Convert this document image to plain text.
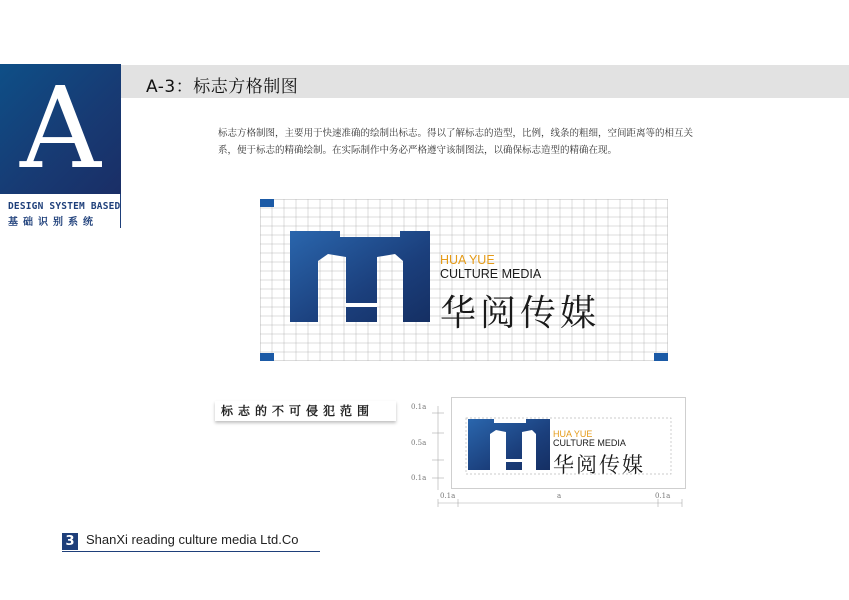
A
DESIGN SYSTEM BASED
基础识别系统
A-3：标志方格制图
标志方格制图，主要用于快速准确的绘制出标志。得以了解标志的造型，比例，线条的粗细，空间距离等的相互关系，便于标志的精确绘制。在实际制作中务必严格遵守该制图法，以确保标志造型的精确在现。
HUA YUE
CULTURE MEDIA
华阅传媒
标志的不可侵犯范围
HUA YUE
CULTURE MEDIA
华阅传媒
0.1a
0.5a
0.1a
0.1a	a	0.1a
3 ShanXi reading culture media Ltd.Co
